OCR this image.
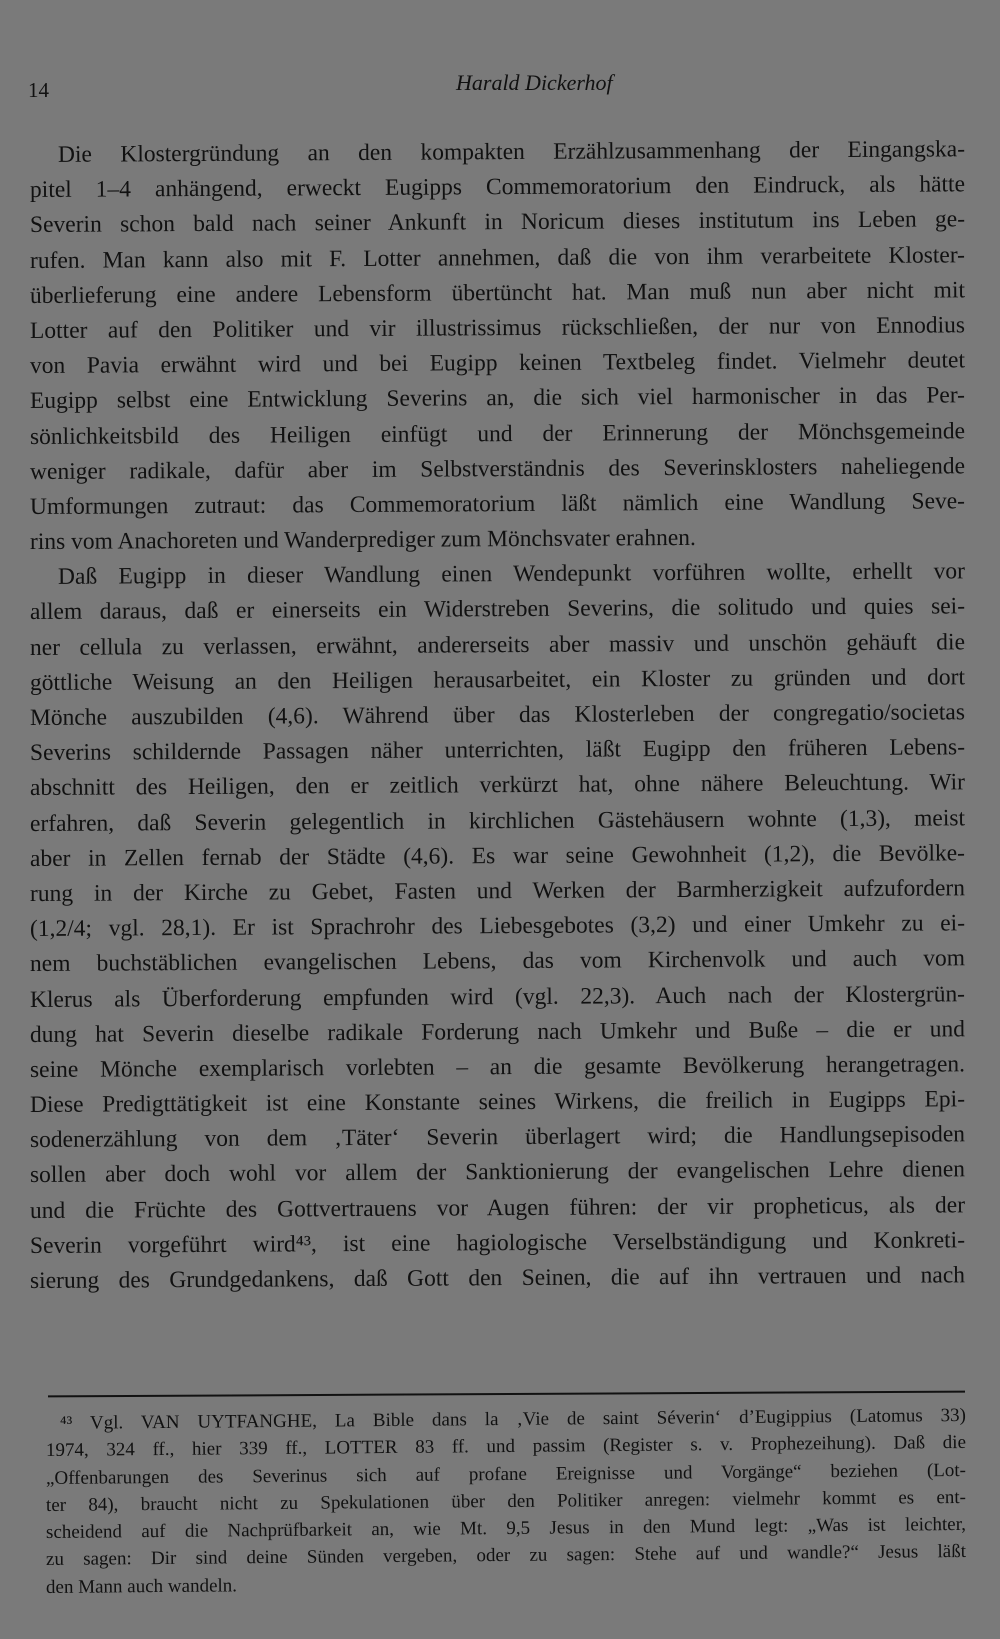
14	Harald Dickerhof
Die Klostergründung an den kompakten Erzählzusammenhang der Eingangska-
pitel 1–4 anhängend, erweckt Eugipps Commemoratorium den Eindruck, als hätte
Severin schon bald nach seiner Ankunft in Noricum dieses institutum ins Leben ge-
rufen. Man kann also mit F. Lotter annehmen, daß die von ihm verarbeitete Kloster-
überlieferung eine andere Lebensform übertüncht hat. Man muß nun aber nicht mit
Lotter auf den Politiker und vir illustrissimus rückschließen, der nur von Ennodius
von Pavia erwähnt wird und bei Eugipp keinen Textbeleg findet. Vielmehr deutet
Eugipp selbst eine Entwicklung Severins an, die sich viel harmonischer in das Per-
sönlichkeitsbild des Heiligen einfügt und der Erinnerung der Mönchsgemeinde
weniger radikale, dafür aber im Selbstverständnis des Severinsklosters naheliegende
Umformungen zutraut: das Commemoratorium läßt nämlich eine Wandlung Seve-
rins vom Anachoreten und Wanderprediger zum Mönchsvater erahnen.
Daß Eugipp in dieser Wandlung einen Wendepunkt vorführen wollte, erhellt vor
allem daraus, daß er einerseits ein Widerstreben Severins, die solitudo und quies sei-
ner cellula zu verlassen, erwähnt, andererseits aber massiv und unschön gehäuft die
göttliche Weisung an den Heiligen herausarbeitet, ein Kloster zu gründen und dort
Mönche auszubilden (4,6). Während über das Klosterleben der congregatio/societas
Severins schildernde Passagen näher unterrichten, läßt Eugipp den früheren Lebens-
abschnitt des Heiligen, den er zeitlich verkürzt hat, ohne nähere Beleuchtung. Wir
erfahren, daß Severin gelegentlich in kirchlichen Gästehäusern wohnte (1,3), meist
aber in Zellen fernab der Städte (4,6). Es war seine Gewohnheit (1,2), die Bevölke-
rung in der Kirche zu Gebet, Fasten und Werken der Barmherzigkeit aufzufordern
(1,2/4; vgl. 28,1). Er ist Sprachrohr des Liebesgebotes (3,2) und einer Umkehr zu ei-
nem buchstäblichen evangelischen Lebens, das vom Kirchenvolk und auch vom
Klerus als Überforderung empfunden wird (vgl. 22,3). Auch nach der Klostergrün-
dung hat Severin dieselbe radikale Forderung nach Umkehr und Buße – die er und
seine Mönche exemplarisch vorlebten – an die gesamte Bevölkerung herangetragen.
Diese Predigttätigkeit ist eine Konstante seines Wirkens, die freilich in Eugipps Epi-
sodenerzählung von dem ‚Täter‘ Severin überlagert wird; die Handlungsepisoden
sollen aber doch wohl vor allem der Sanktionierung der evangelischen Lehre dienen
und die Früchte des Gottvertrauens vor Augen führen: der vir propheticus, als der
Severin vorgeführt wird⁴³, ist eine hagiologische Verselbständigung und Konkreti-
sierung des Grundgedankens, daß Gott den Seinen, die auf ihn vertrauen und nach
⁴³ Vgl. VAN UYTFANGHE, La Bible dans la ‚Vie de saint Séverin‘ d’Eugippius (Latomus 33)
1974, 324 ff., hier 339 ff., LOTTER 83 ff. und passim (Register s. v. Prophezeihung). Daß die
„Offenbarungen des Severinus sich auf profane Ereignisse und Vorgänge“ beziehen (Lot-
ter 84), braucht nicht zu Spekulationen über den Politiker anregen: vielmehr kommt es ent-
scheidend auf die Nachprüfbarkeit an, wie Mt. 9,5 Jesus in den Mund legt: „Was ist leichter,
zu sagen: Dir sind deine Sünden vergeben, oder zu sagen: Stehe auf und wandle?“ Jesus läßt
den Mann auch wandeln.
